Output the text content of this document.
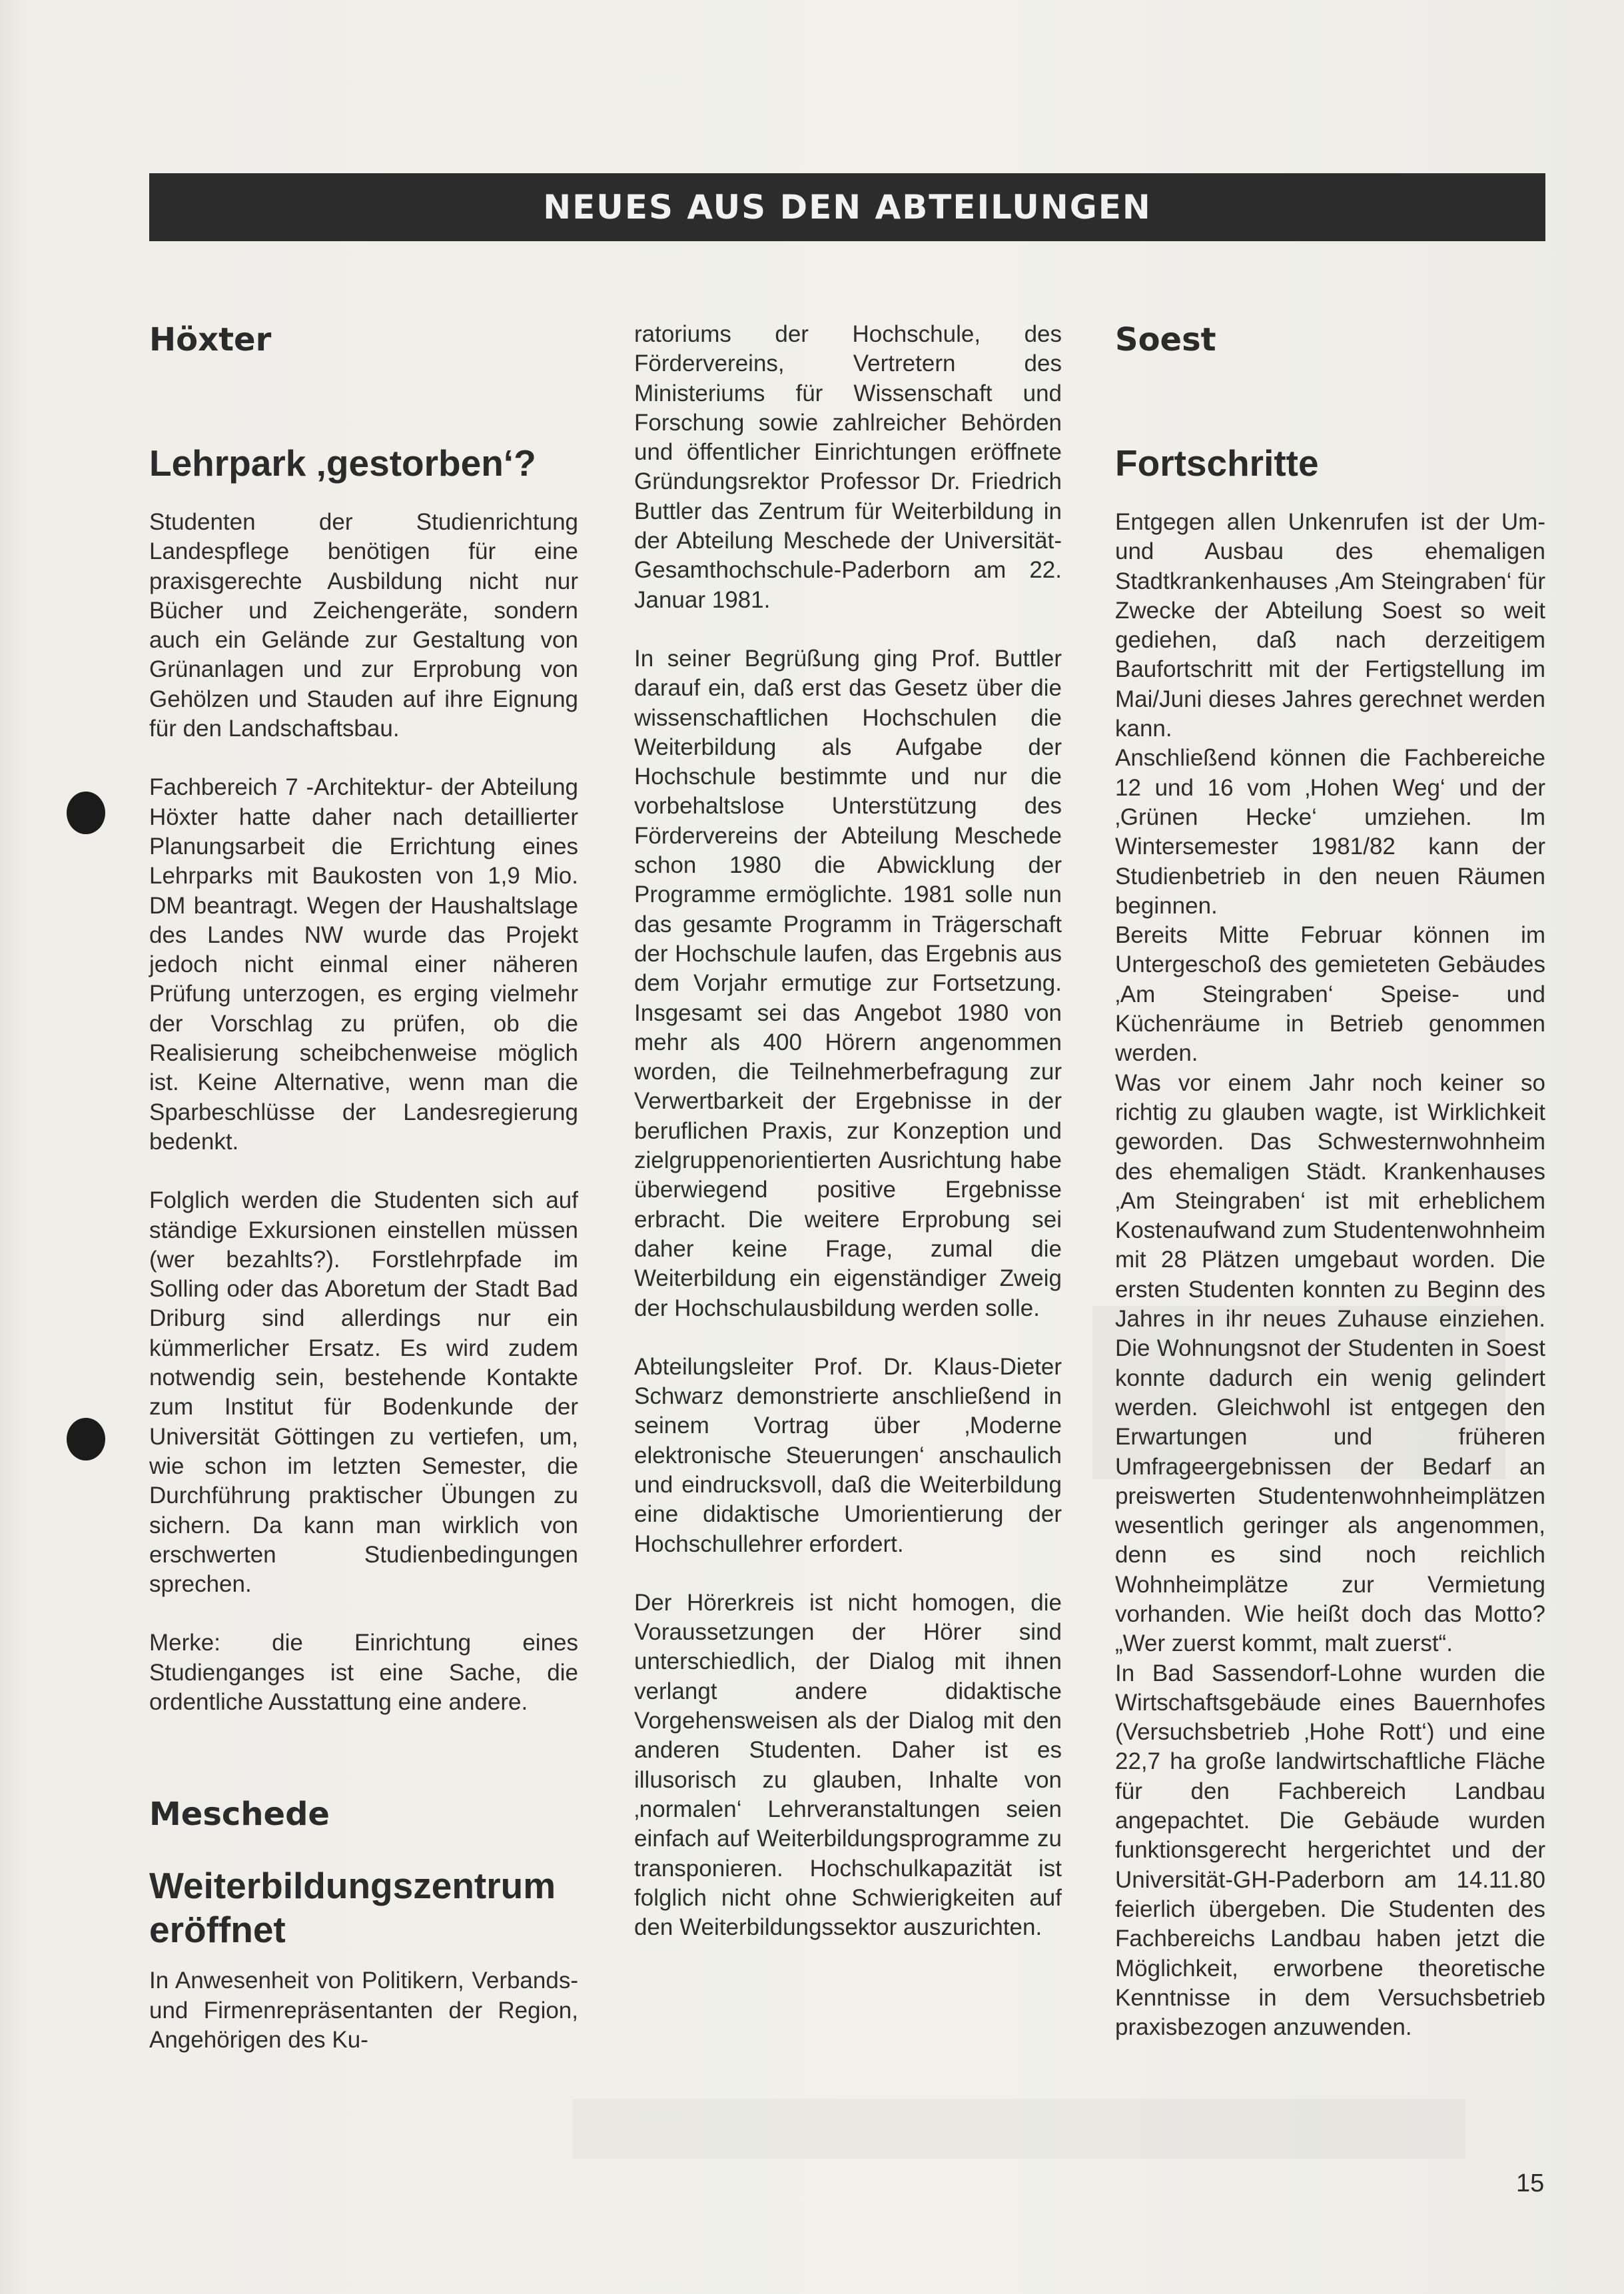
NEUES AUS DEN ABTEILUNGEN
Höxter
Lehrpark ‚gestorben‘?

Studenten der Studienrichtung Landespflege benötigen für eine praxisgerechte Ausbildung nicht nur Bücher und Zeichengeräte, sondern auch ein Gelände zur Gestaltung von Grünanlagen und zur Erprobung von Gehölzen und Stauden auf ihre Eignung für den Landschaftsbau.

Fachbereich 7 -Architektur- der Abteilung Höxter hatte daher nach detaillierter Planungsarbeit die Errichtung eines Lehrparks mit Baukosten von 1,9 Mio. DM beantragt. Wegen der Haushaltslage des Landes NW wurde das Projekt jedoch nicht einmal einer näheren Prüfung unterzogen, es erging vielmehr der Vorschlag zu prüfen, ob die Realisierung scheibchenweise möglich ist. Keine Alternative, wenn man die Sparbeschlüsse der Landesregierung bedenkt.

Folglich werden die Studenten sich auf ständige Exkursionen einstellen müssen (wer bezahlts?). Forstlehrpfade im Solling oder das Aboretum der Stadt Bad Driburg sind allerdings nur ein kümmerlicher Ersatz. Es wird zudem notwendig sein, bestehende Kontakte zum Institut für Bodenkunde der Universität Göttingen zu vertiefen, um, wie schon im letzten Semester, die Durchführung praktischer Übungen zu sichern. Da kann man wirklich von erschwerten Studienbedingungen sprechen.

Merke: die Einrichtung eines Studienganges ist eine Sache, die ordentliche Ausstattung eine andere.

Meschede
Weiterbildungszentrum eröffnet

In Anwesenheit von Politikern, Verbands- und Firmenrepräsentanten der Region, Angehörigen des Ku-

ratoriums der Hochschule, des Fördervereins, Vertretern des Ministeriums für Wissenschaft und Forschung sowie zahlreicher Behörden und öffentlicher Einrichtungen eröffnete Gründungsrektor Professor Dr. Friedrich Buttler das Zentrum für Weiterbildung in der Abteilung Meschede der Universität-Gesamthochschule-Paderborn am 22. Januar 1981.

In seiner Begrüßung ging Prof. Buttler darauf ein, daß erst das Gesetz über die wissenschaftlichen Hochschulen die Weiterbildung als Aufgabe der Hochschule bestimmte und nur die vorbehaltslose Unterstützung des Fördervereins der Abteilung Meschede schon 1980 die Abwicklung der Programme ermöglichte. 1981 solle nun das gesamte Programm in Trägerschaft der Hochschule laufen, das Ergebnis aus dem Vorjahr ermutige zur Fortsetzung. Insgesamt sei das Angebot 1980 von mehr als 400 Hörern angenommen worden, die Teilnehmerbefragung zur Verwertbarkeit der Ergebnisse in der beruflichen Praxis, zur Konzeption und zielgruppenorientierten Ausrichtung habe überwiegend positive Ergebnisse erbracht. Die weitere Erprobung sei daher keine Frage, zumal die Weiterbildung ein eigenständiger Zweig der Hochschulausbildung werden solle.

Abteilungsleiter Prof. Dr. Klaus-Dieter Schwarz demonstrierte anschließend in seinem Vortrag über ‚Moderne elektronische Steuerungen‘ anschaulich und eindrucksvoll, daß die Weiterbildung eine didaktische Umorientierung der Hochschullehrer erfordert.

Der Hörerkreis ist nicht homogen, die Voraussetzungen der Hörer sind unterschiedlich, der Dialog mit ihnen verlangt andere didaktische Vorgehensweisen als der Dialog mit den anderen Studenten. Daher ist es illusorisch zu glauben, Inhalte von ‚normalen‘ Lehrveranstaltungen seien einfach auf Weiterbildungsprogramme zu transponieren. Hochschulkapazität ist folglich nicht ohne Schwierigkeiten auf den Weiterbildungssektor auszurichten.

Soest
Fortschritte

Entgegen allen Unkenrufen ist der Um- und Ausbau des ehemaligen Stadtkrankenhauses ‚Am Steingraben‘ für Zwecke der Abteilung Soest so weit gediehen, daß nach derzeitigem Baufortschritt mit der Fertigstellung im Mai/Juni dieses Jahres gerechnet werden kann.

Anschließend können die Fachbereiche 12 und 16 vom ‚Hohen Weg‘ und der ‚Grünen Hecke‘ umziehen. Im Wintersemester 1981/82 kann der Studienbetrieb in den neuen Räumen beginnen.

Bereits Mitte Februar können im Untergeschoß des gemieteten Gebäudes ‚Am Steingraben‘ Speise- und Küchenräume in Betrieb genommen werden.

Was vor einem Jahr noch keiner so richtig zu glauben wagte, ist Wirklichkeit geworden. Das Schwesternwohnheim des ehemaligen Städt. Krankenhauses ‚Am Steingraben‘ ist mit erheblichem Kostenaufwand zum Studentenwohnheim mit 28 Plätzen umgebaut worden. Die ersten Studenten konnten zu Beginn des Jahres in ihr neues Zuhause einziehen. Die Wohnungsnot der Studenten in Soest konnte dadurch ein wenig gelindert werden. Gleichwohl ist entgegen den Erwartungen und früheren Umfrageergebnissen der Bedarf an preiswerten Studentenwohnheimplätzen wesentlich geringer als angenommen, denn es sind noch reichlich Wohnheimplätze zur Vermietung vorhanden. Wie heißt doch das Motto? „Wer zuerst kommt, malt zuerst“.

In Bad Sassendorf-Lohne wurden die Wirtschaftsgebäude eines Bauernhofes (Versuchsbetrieb ‚Hohe Rott‘) und eine 22,7 ha große landwirtschaftliche Fläche für den Fachbereich Landbau angepachtet. Die Gebäude wurden funktionsgerecht hergerichtet und der Universität-GH-Paderborn am 14.11.80 feierlich übergeben. Die Studenten des Fachbereichs Landbau haben jetzt die Möglichkeit, erworbene theoretische Kenntnisse in dem Versuchsbetrieb praxisbezogen anzuwenden.

15
